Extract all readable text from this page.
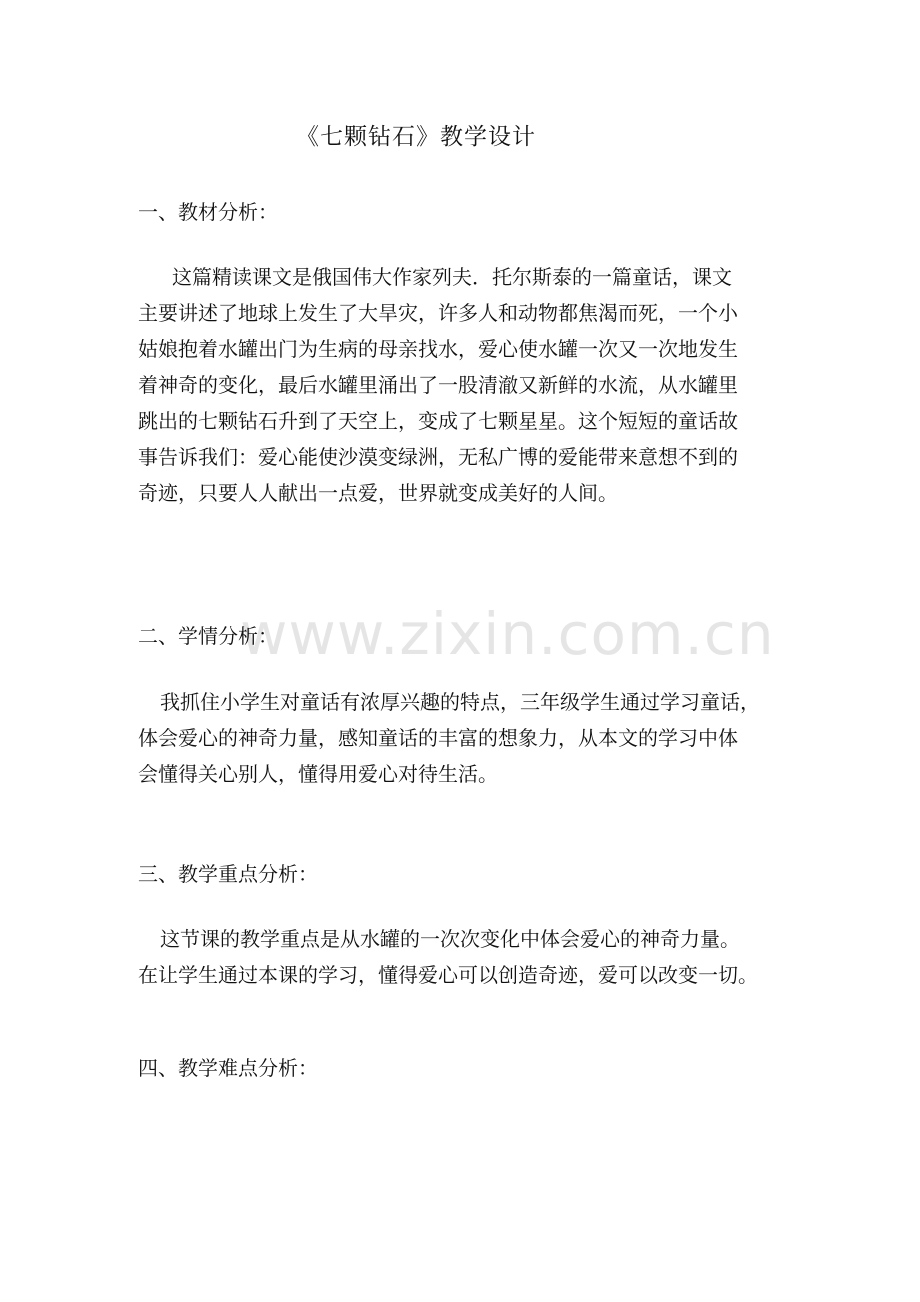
《七颗钻石》教学设计
一、教材分析：
　这篇精读课文是俄国伟大作家列夫．托尔斯泰的一篇童话，课文
主要讲述了地球上发生了大旱灾，许多人和动物都焦渴而死，一个小
姑娘抱着水罐出门为生病的母亲找水，爱心使水罐一次又一次地发生
着神奇的变化，最后水罐里涌出了一股清澈又新鲜的水流，从水罐里
跳出的七颗钻石升到了天空上，变成了七颗星星。这个短短的童话故
事告诉我们：爱心能使沙漠变绿洲，无私广博的爱能带来意想不到的
奇迹，只要人人献出一点爱，世界就变成美好的人间。
二、学情分析：
我抓住小学生对童话有浓厚兴趣的特点，三年级学生通过学习童话，
体会爱心的神奇力量，感知童话的丰富的想象力，从本文的学习中体
会懂得关心别人，懂得用爱心对待生活。
三、教学重点分析：
这节课的教学重点是从水罐的一次次变化中体会爱心的神奇力量。
在让学生通过本课的学习，懂得爱心可以创造奇迹，爱可以改变一切。
四、教学难点分析：
www.zixin.com.cn
